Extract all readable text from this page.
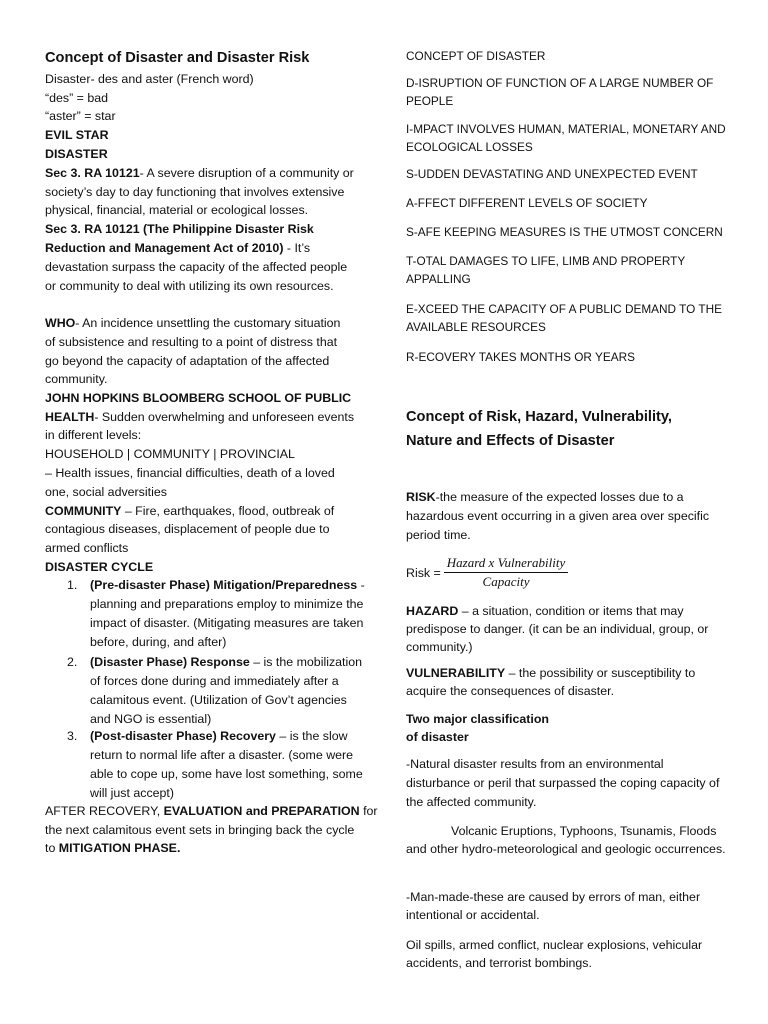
Concept of Disaster and Disaster Risk
Disaster- des and aster (French word)
“des” = bad
“aster” = star
EVIL STAR
DISASTER
Sec 3. RA 10121- A severe disruption of a community or
society’s day to day functioning that involves extensive
physical, financial, material or ecological losses.
Sec 3. RA 10121 (The Philippine Disaster Risk
Reduction and Management Act of 2010) - It’s
devastation surpass the capacity of the affected people
or community to deal with utilizing its own resources.
WHO- An incidence unsettling the customary situation
of subsistence and resulting to a point of distress that
go beyond the capacity of adaptation of the affected
community.
JOHN HOPKINS BLOOMBERG SCHOOL OF PUBLIC
HEALTH- Sudden overwhelming and unforeseen events
in different levels:
HOUSEHOLD | COMMUNITY | PROVINCIAL
– Health issues, financial difficulties, death of a loved
one, social adversities
COMMUNITY – Fire, earthquakes, flood, outbreak of
contagious diseases, displacement of people due to
armed conflicts
DISASTER CYCLE
1. (Pre-disaster Phase) Mitigation/Preparedness - planning and preparations employ to minimize the impact of disaster. (Mitigating measures are taken before, during, and after)
2. (Disaster Phase) Response – is the mobilization of forces done during and immediately after a calamitous event. (Utilization of Gov’t agencies and NGO is essential)
3. (Post-disaster Phase) Recovery – is the slow return to normal life after a disaster. (some were able to cope up, some have lost something, some will just accept)
AFTER RECOVERY, EVALUATION and PREPARATION for
the next calamitous event sets in bringing back the cycle
to MITIGATION PHASE.
CONCEPT OF DISASTER
D-ISRUPTION OF FUNCTION OF A LARGE NUMBER OF PEOPLE
I-MPACT INVOLVES HUMAN, MATERIAL, MONETARY AND ECOLOGICAL LOSSES
S-UDDEN DEVASTATING AND UNEXPECTED EVENT
A-FFECT DIFFERENT LEVELS OF SOCIETY
S-AFE KEEPING MEASURES IS THE UTMOST CONCERN
T-OTAL DAMAGES TO LIFE, LIMB AND PROPERTY APPALLING
E-XCEED THE CAPACITY OF A PUBLIC DEMAND TO THE AVAILABLE RESOURCES
R-ECOVERY TAKES MONTHS OR YEARS
Concept of Risk, Hazard, Vulnerability,
Nature and Effects of Disaster
RISK-the measure of the expected losses due to a hazardous event occurring in a given area over specific period time.
Risk = $\frac{\text{Hazard x Vulnerability}}{\text{Capacity}}$
HAZARD – a situation, condition or items that may predispose to danger. (it can be an individual, group, or community.)
VULNERABILITY – the possibility or susceptibility to acquire the consequences of disaster.
Two major classification
of disaster
-Natural disaster results from an environmental disturbance or peril that surpassed the coping capacity of the affected community.
Volcanic Eruptions, Typhoons, Tsunamis, Floods and other hydro-meteorological and geologic occurrences.
-Man-made-these are caused by errors of man, either intentional or accidental.
Oil spills, armed conflict, nuclear explosions, vehicular accidents, and terrorist bombings.
